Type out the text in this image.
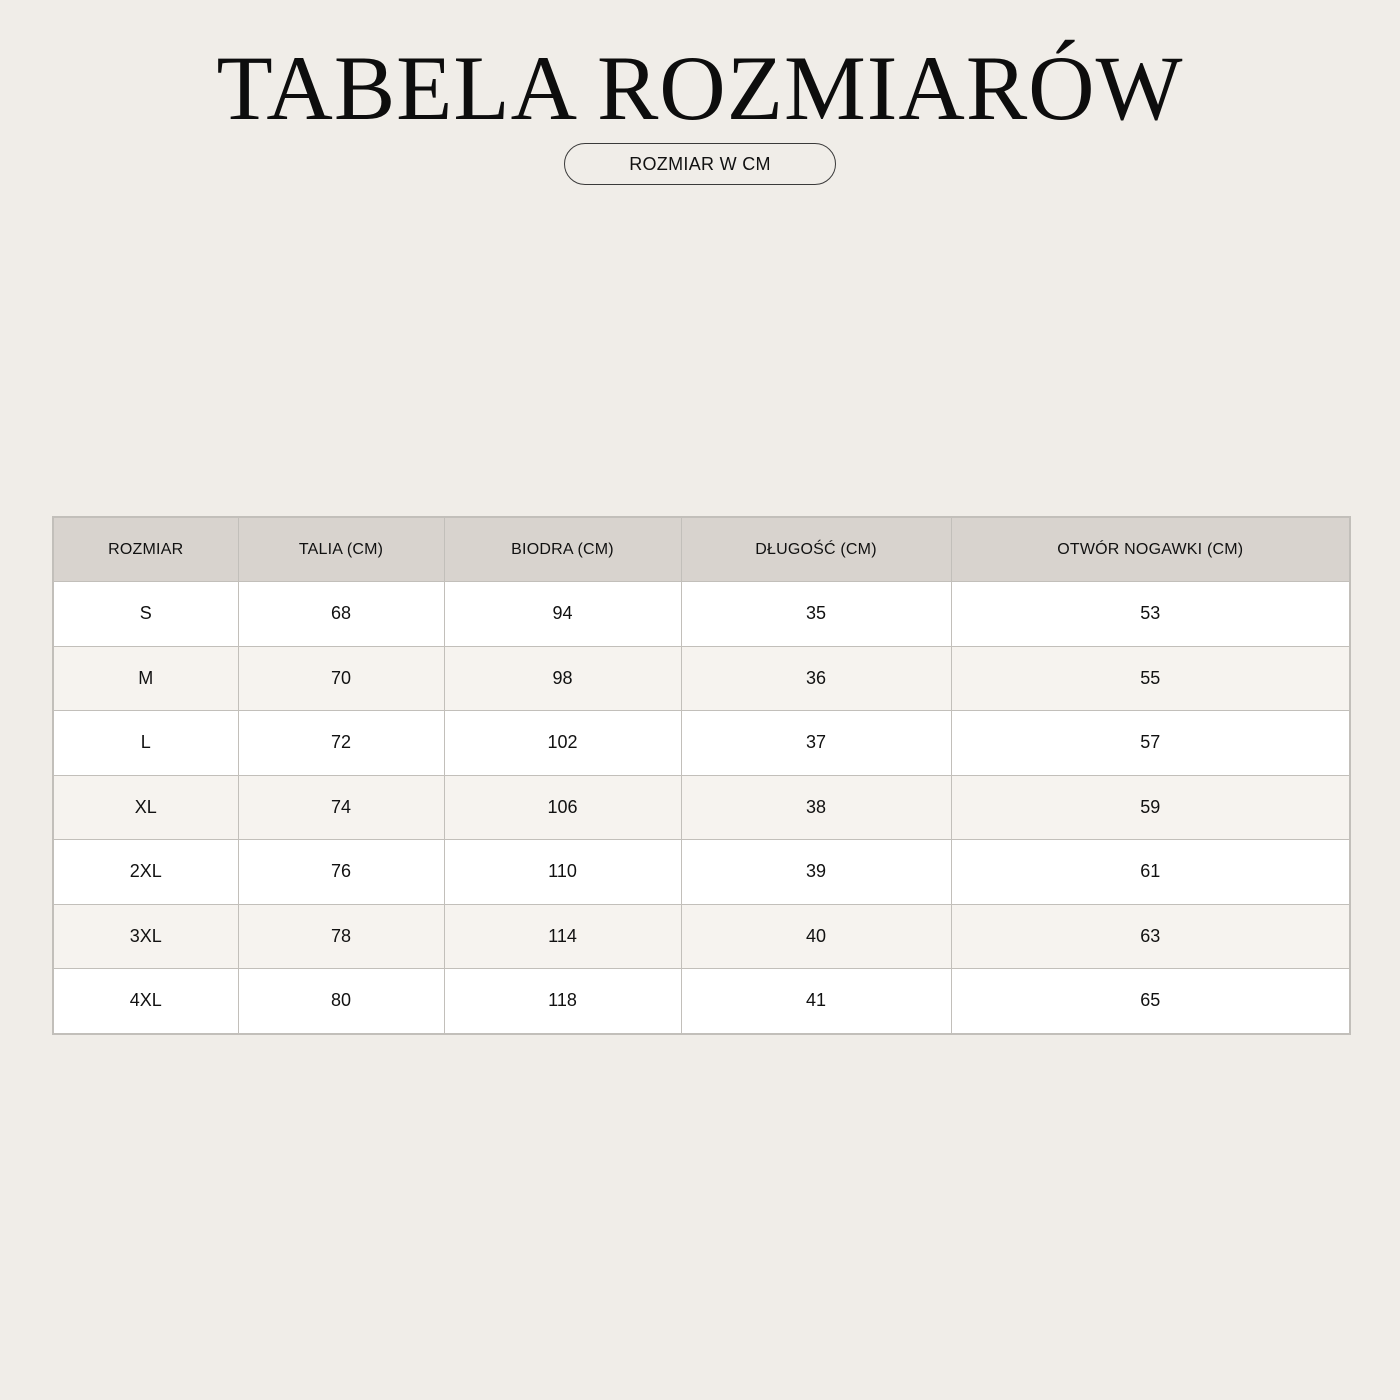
TABELA ROZMIARÓW
ROZMIAR W CM
ROZMIAR	TALIA (CM)	BIODRA (CM)	DŁUGOŚĆ (CM)	OTWÓR NOGAWKI (CM)
S	68	94	35	53
M	70	98	36	55
L	72	102	37	57
XL	74	106	38	59
2XL	76	110	39	61
3XL	78	114	40	63
4XL	80	118	41	65
